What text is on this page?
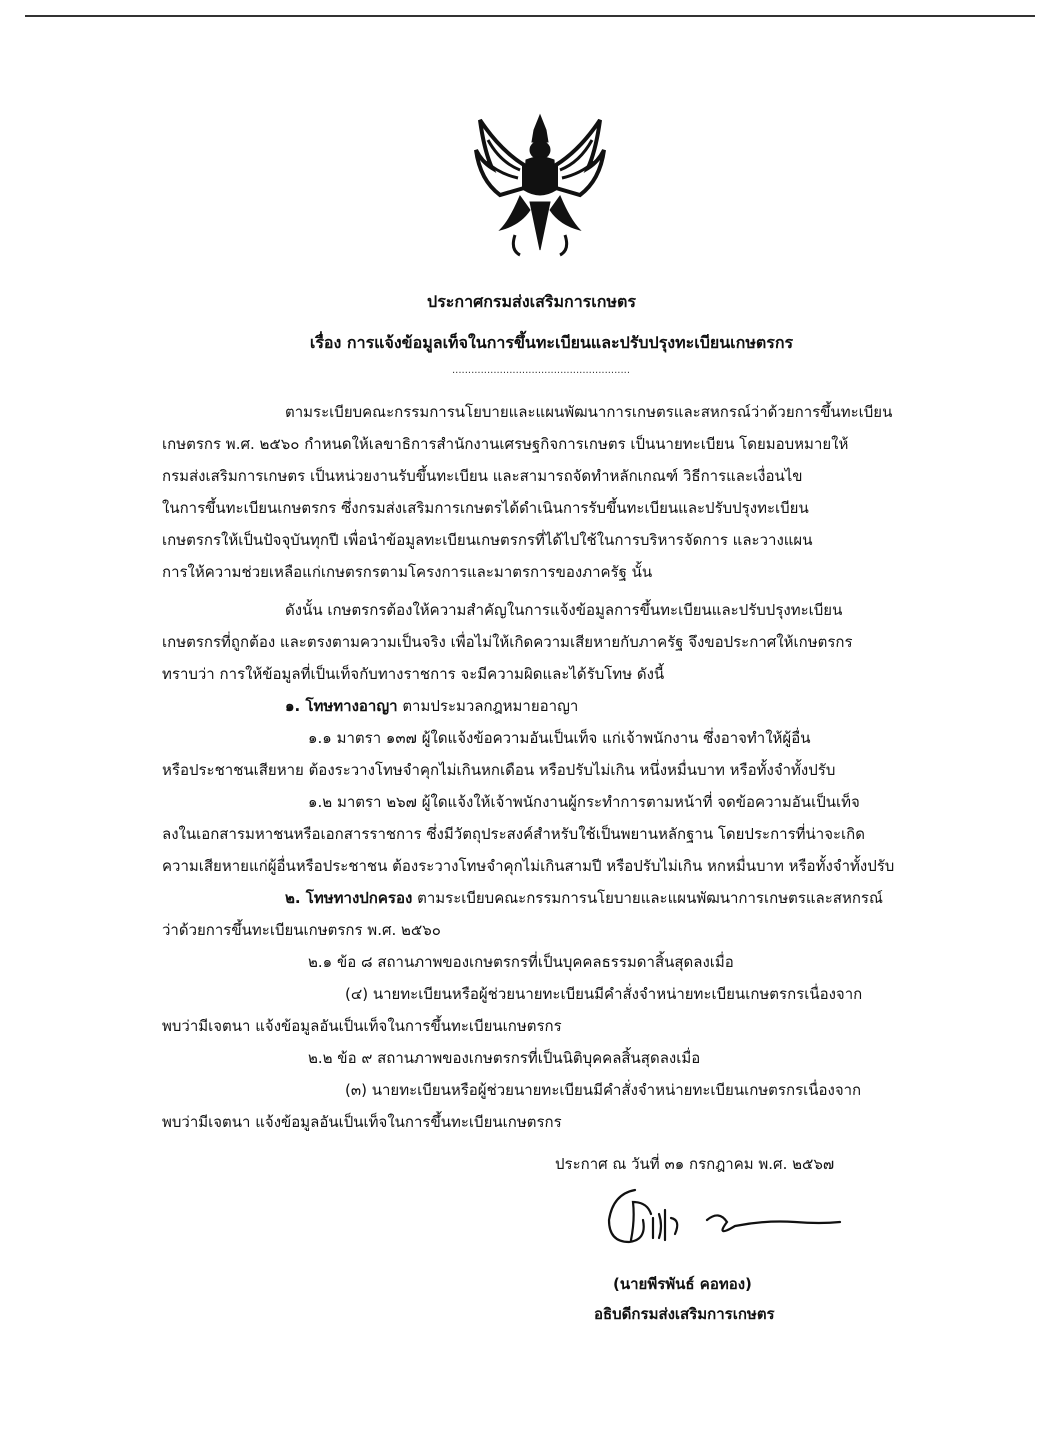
ประกาศกรมส่งเสริมการเกษตร
เรื่อง การแจ้งข้อมูลเท็จในการขึ้นทะเบียนและปรับปรุงทะเบียนเกษตรกร
........................................................
ตามระเบียบคณะกรรมการนโยบายและแผนพัฒนาการเกษตรและสหกรณ์ว่าด้วยการขึ้นทะเบียน
เกษตรกร พ.ศ. ๒๕๖๐ กำหนดให้เลขาธิการสำนักงานเศรษฐกิจการเกษตร เป็นนายทะเบียน โดยมอบหมายให้
กรมส่งเสริมการเกษตร เป็นหน่วยงานรับขึ้นทะเบียน และสามารถจัดทำหลักเกณฑ์ วิธีการและเงื่อนไข
ในการขึ้นทะเบียนเกษตรกร ซึ่งกรมส่งเสริมการเกษตรได้ดำเนินการรับขึ้นทะเบียนและปรับปรุงทะเบียน
เกษตรกรให้เป็นปัจจุบันทุกปี เพื่อนำข้อมูลทะเบียนเกษตรกรที่ได้ไปใช้ในการบริหารจัดการ และวางแผน
การให้ความช่วยเหลือแก่เกษตรกรตามโครงการและมาตรการของภาครัฐ นั้น
ดังนั้น เกษตรกรต้องให้ความสำคัญในการแจ้งข้อมูลการขึ้นทะเบียนและปรับปรุงทะเบียน
เกษตรกรที่ถูกต้อง และตรงตามความเป็นจริง เพื่อไม่ให้เกิดความเสียหายกับภาครัฐ จึงขอประกาศให้เกษตรกร
ทราบว่า การให้ข้อมูลที่เป็นเท็จกับทางราชการ จะมีความผิดและได้รับโทษ ดังนี้
๑. โทษทางอาญา ตามประมวลกฎหมายอาญา
๑.๑ มาตรา ๑๓๗ ผู้ใดแจ้งข้อความอันเป็นเท็จ แก่เจ้าพนักงาน ซึ่งอาจทำให้ผู้อื่น
หรือประชาชนเสียหาย ต้องระวางโทษจำคุกไม่เกินหกเดือน หรือปรับไม่เกิน หนึ่งหมื่นบาท หรือทั้งจำทั้งปรับ
๑.๒ มาตรา ๒๖๗ ผู้ใดแจ้งให้เจ้าพนักงานผู้กระทำการตามหน้าที่ จดข้อความอันเป็นเท็จ
ลงในเอกสารมหาชนหรือเอกสารราชการ ซึ่งมีวัตถุประสงค์สำหรับใช้เป็นพยานหลักฐาน โดยประการที่น่าจะเกิด
ความเสียหายแก่ผู้อื่นหรือประชาชน ต้องระวางโทษจำคุกไม่เกินสามปี หรือปรับไม่เกิน หกหมื่นบาท หรือทั้งจำทั้งปรับ
๒. โทษทางปกครอง ตามระเบียบคณะกรรมการนโยบายและแผนพัฒนาการเกษตรและสหกรณ์
ว่าด้วยการขึ้นทะเบียนเกษตรกร พ.ศ. ๒๕๖๐
๒.๑ ข้อ ๘ สถานภาพของเกษตรกรที่เป็นบุคคลธรรมดาสิ้นสุดลงเมื่อ
(๔) นายทะเบียนหรือผู้ช่วยนายทะเบียนมีคำสั่งจำหน่ายทะเบียนเกษตรกรเนื่องจาก
พบว่ามีเจตนา แจ้งข้อมูลอันเป็นเท็จในการขึ้นทะเบียนเกษตรกร
๒.๒ ข้อ ๙ สถานภาพของเกษตรกรที่เป็นนิติบุคคลสิ้นสุดลงเมื่อ
(๓) นายทะเบียนหรือผู้ช่วยนายทะเบียนมีคำสั่งจำหน่ายทะเบียนเกษตรกรเนื่องจาก
พบว่ามีเจตนา แจ้งข้อมูลอันเป็นเท็จในการขึ้นทะเบียนเกษตรกร
ประกาศ ณ วันที่ ๓๑ กรกฎาคม พ.ศ. ๒๕๖๗
(นายพีรพันธ์ คอทอง)
อธิบดีกรมส่งเสริมการเกษตร
